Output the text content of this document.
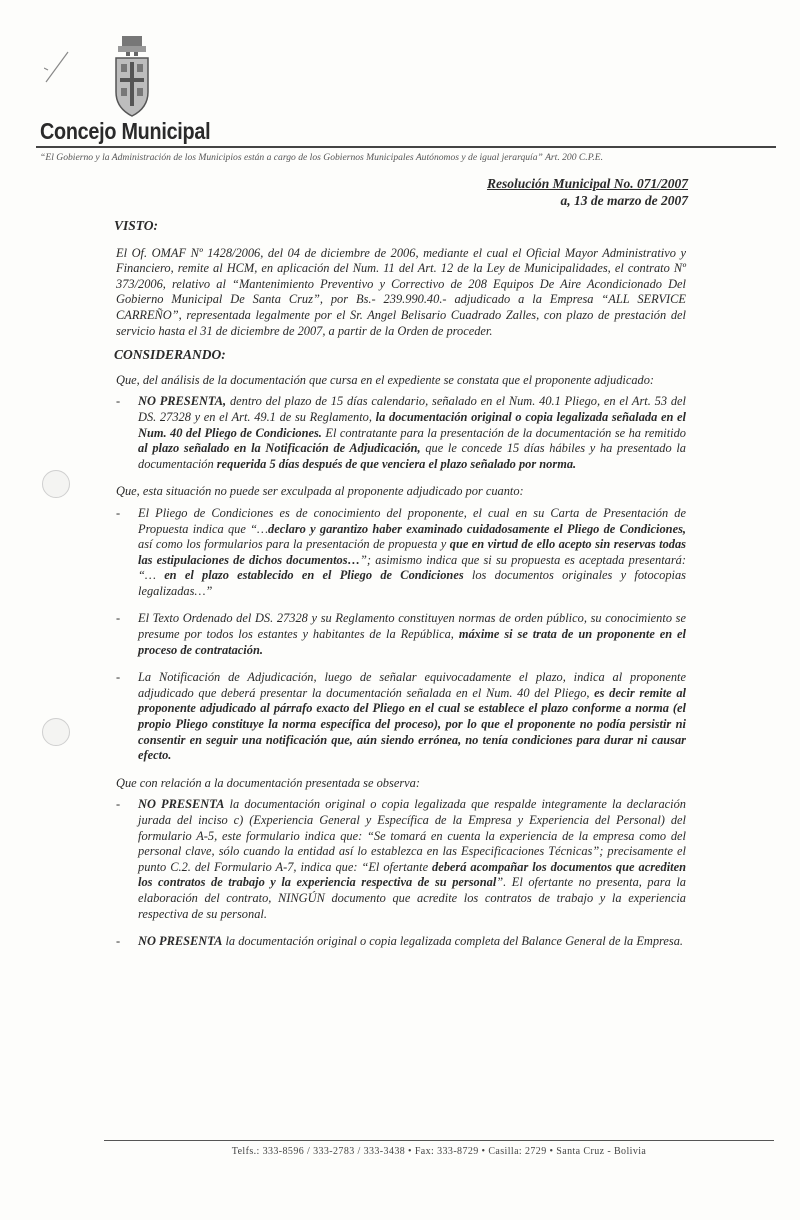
Concejo Municipal
“El Gobierno y la Administración de los Municipios están a cargo de los Gobiernos Municipales Autónomos y de igual jerarquía” Art. 200 C.P.E.
Resolución Municipal No. 071/2007
a, 13 de marzo de 2007
VISTO:

El Of. OMAF Nº 1428/2006, del 04 de diciembre de 2006, mediante el cual el Oficial Mayor Administrativo y Financiero, remite al HCM, en aplicación del Num. 11 del Art. 12 de la Ley de Municipalidades, el contrato Nº 373/2006, relativo al “Mantenimiento Preventivo y Correctivo de 208 Equipos De Aire Acondicionado Del Gobierno Municipal De Santa Cruz”, por Bs.- 239.990.40.- adjudicado a la Empresa “ALL SERVICE CARREÑO”, representada legalmente por el Sr. Angel Belisario Cuadrado Zalles, con plazo de prestación del servicio hasta el 31 de diciembre de 2007, a partir de la Orden de proceder.

CONSIDERANDO:

Que, del análisis de la documentación que cursa en el expediente se constata que el proponente adjudicado:

- NO PRESENTA, dentro del plazo de 15 días calendario, señalado en el Num. 40.1 Pliego, en el Art. 53 del DS. 27328 y en el Art. 49.1 de su Reglamento, la documentación original o copia legalizada señalada en el Num. 40 del Pliego de Condiciones. El contratante para la presentación de la documentación se ha remitido al plazo señalado en la Notificación de Adjudicación, que le concede 15 días hábiles y ha presentado la documentación requerida 5 días después de que venciera el plazo señalado por norma.

Que, esta situación no puede ser exculpada al proponente adjudicado por cuanto:

- El Pliego de Condiciones es de conocimiento del proponente, el cual en su Carta de Presentación de Propuesta indica que “…declaro y garantizo haber examinado cuidadosamente el Pliego de Condiciones, así como los formularios para la presentación de propuesta y que en virtud de ello acepto sin reservas todas las estipulaciones de dichos documentos…”; asimismo indica que si su propuesta es aceptada presentará: “… en el plazo establecido en el Pliego de Condiciones los documentos originales y fotocopias legalizadas…”
- El Texto Ordenado del DS. 27328 y su Reglamento constituyen normas de orden público, su conocimiento se presume por todos los estantes y habitantes de la República, máxime si se trata de un proponente en el proceso de contratación.
- La Notificación de Adjudicación, luego de señalar equivocadamente el plazo, indica al proponente adjudicado que deberá presentar la documentación señalada en el Num. 40 del Pliego, es decir remite al proponente adjudicado al párrafo exacto del Pliego en el cual se establece el plazo conforme a norma (el propio Pliego constituye la norma específica del proceso), por lo que el proponente no podía persistir ni consentir en seguir una notificación que, aún siendo errónea, no tenía condiciones para durar ni causar efecto.

Que con relación a la documentación presentada se observa:

- NO PRESENTA la documentación original o copia legalizada que respalde integramente la declaración jurada del inciso c) (Experiencia General y Específica de la Empresa y Experiencia del Personal) del formulario A-5, este formulario indica que: “Se tomará en cuenta la experiencia de la empresa como del personal clave, sólo cuando la entidad así lo establezca en las Especificaciones Técnicas”; precisamente el punto C.2. del Formulario A-7, indica que: “El ofertante deberá acompañar los documentos que acrediten los contratos de trabajo y la experiencia respectiva de su personal”. El ofertante no presenta, para la elaboración del contrato, NINGÚN documento que acredite los contratos de trabajo y la experiencia respectiva de su personal.
- NO PRESENTA la documentación original o copia legalizada completa del Balance General de la Empresa.
Telfs.: 333-8596 / 333-2783 / 333-3438 • Fax: 333-8729 • Casilla: 2729 • Santa Cruz - Bolivia
